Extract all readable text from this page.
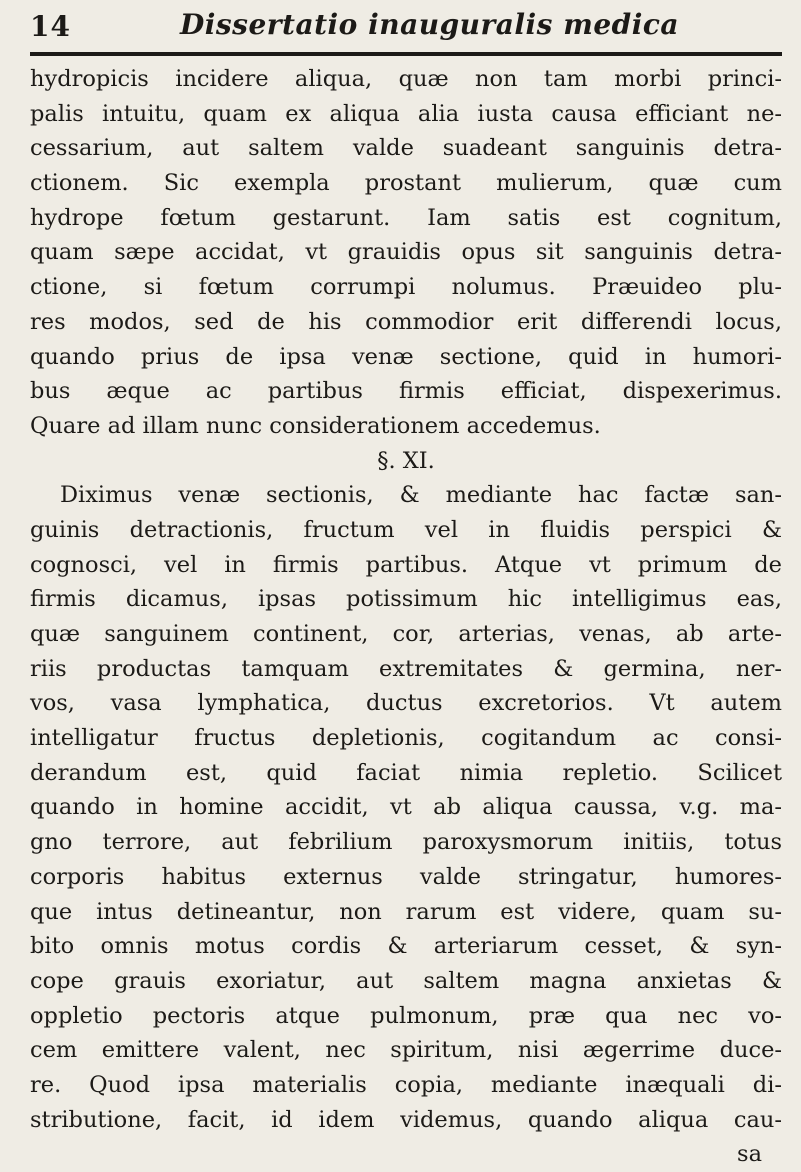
14	Dissertatio inauguralis medica
hydropicis incidere aliqua, quæ non tam morbi princi-
palis intuitu, quam ex aliqua alia iusta causa efficiant ne-
cessarium, aut saltem valde suadeant sanguinis detra-
ctionem. Sic exempla prostant mulierum, quæ cum
hydrope fœtum gestarunt. Iam satis est cognitum,
quam sæpe accidat, vt grauidis opus sit sanguinis detra-
ctione, si fœtum corrumpi nolumus. Præuideo plu-
res modos, sed de his commodior erit differendi locus,
quando prius de ipsa venæ sectione, quid in humori-
bus æque ac partibus firmis efficiat, dispexerimus.
Quare ad illam nunc considerationem accedemus.
§. XI.
Diximus venæ sectionis, & mediante hac factæ san-
guinis detractionis, fructum vel in fluidis perspici &
cognosci, vel in firmis partibus. Atque vt primum de
firmis dicamus, ipsas potissimum hic intelligimus eas,
quæ sanguinem continent, cor, arterias, venas, ab arte-
riis productas tamquam extremitates & germina, ner-
vos, vasa lymphatica, ductus excretorios. Vt autem
intelligatur fructus depletionis, cogitandum ac consi-
derandum est, quid faciat nimia repletio. Scilicet
quando in homine accidit, vt ab aliqua caussa, v.g. ma-
gno terrore, aut febrilium paroxysmorum initiis, totus
corporis habitus externus valde stringatur, humores-
que intus detineantur, non rarum est videre, quam su-
bito omnis motus cordis & arteriarum cesset, & syn-
cope grauis exoriatur, aut saltem magna anxietas &
oppletio pectoris atque pulmonum, præ qua nec vo-
cem emittere valent, nec spiritum, nisi ægerrime duce-
re. Quod ipsa materialis copia, mediante inæquali di-
stributione, facit, id idem videmus, quando aliqua cau-
sa
